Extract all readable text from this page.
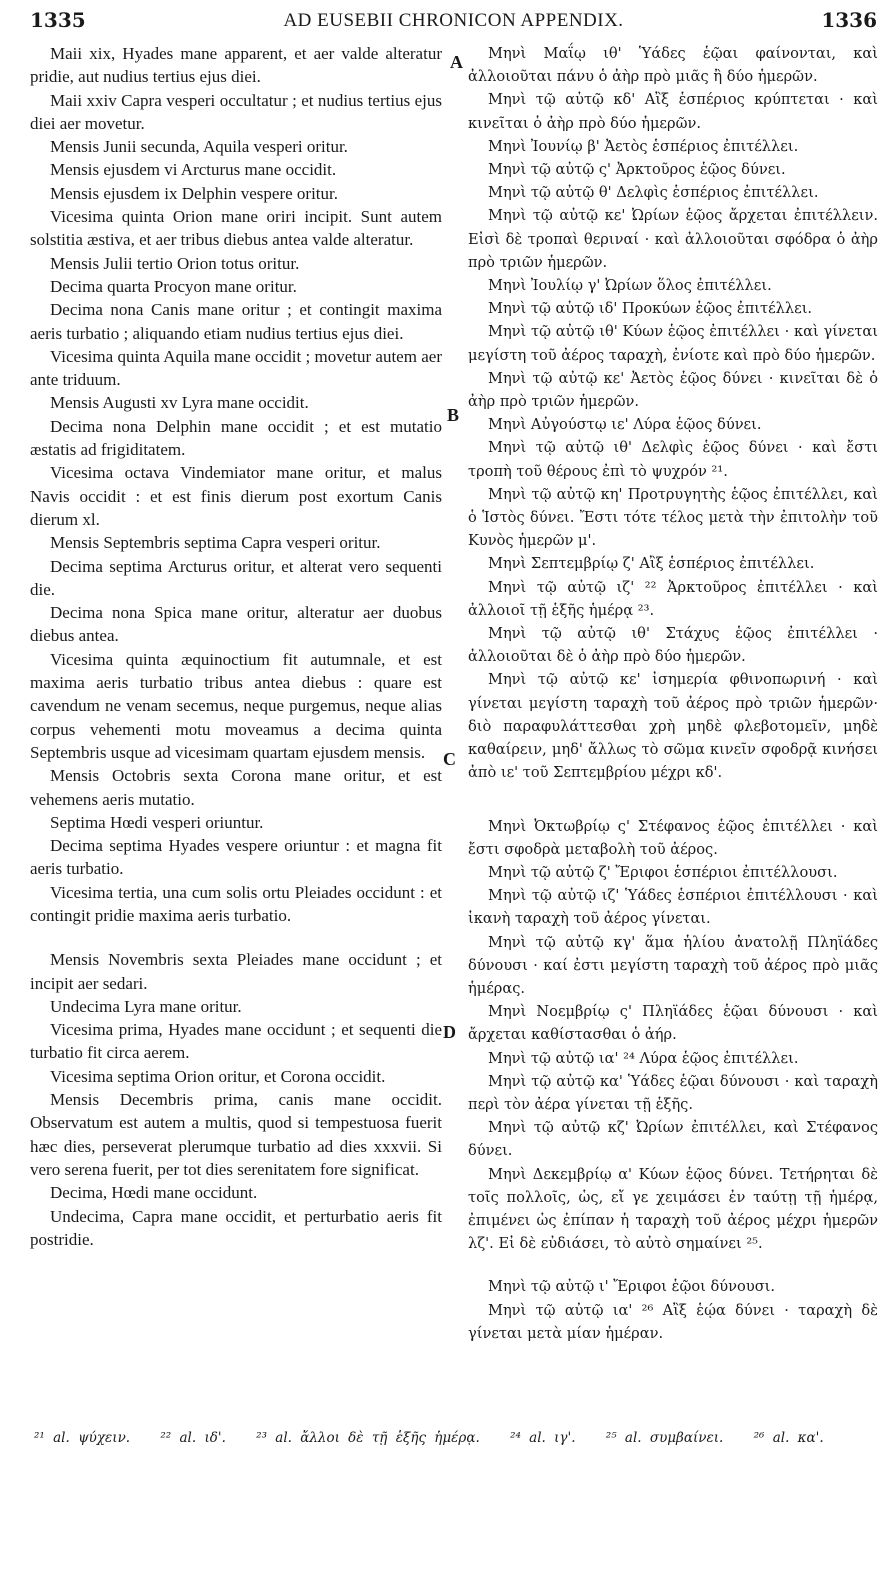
1335	AD EUSEBII CHRONICON APPENDIX.	1336
A
B
C
D

Maii xix, Hyades mane apparent, et aer valde alteratur pridie, aut nudius tertius ejus diei.

Maii xxiv Capra vesperi occultatur ; et nudius tertius ejus diei aer movetur.

Mensis Junii secunda, Aquila vesperi oritur.

Mensis ejusdem vi Arcturus mane occidit.

Mensis ejusdem ix Delphin vespere oritur.

Vicesima quinta Orion mane oriri incipit. Sunt autem solstitia æstiva, et aer tribus diebus antea valde alteratur.

Mensis Julii tertio Orion totus oritur.

Decima quarta Procyon mane oritur.

Decima nona Canis mane oritur ; et contingit maxima aeris turbatio ; aliquando etiam nudius tertius ejus diei.

Vicesima quinta Aquila mane occidit ; movetur autem aer ante triduum.

Mensis Augusti xv Lyra mane occidit.

Decima nona Delphin mane occidit ; et est mutatio æstatis ad frigiditatem.

Vicesima octava Vindemiator mane oritur, et malus Navis occidit : et est finis dierum post exortum Canis dierum xl.

Mensis Septembris septima Capra vesperi oritur.

Decima septima Arcturus oritur, et alterat vero sequenti die.

Decima nona Spica mane oritur, alteratur aer duobus diebus antea.

Vicesima quinta æquinoctium fit autumnale, et est maxima aeris turbatio tribus antea diebus : quare est cavendum ne venam secemus, neque purgemus, neque alias corpus vehementi motu moveamus a decima quinta Septembris usque ad vicesimam quartam ejusdem mensis.

Mensis Octobris sexta Corona mane oritur, et est vehemens aeris mutatio.

Septima Hœdi vesperi oriuntur.

Decima septima Hyades vespere oriuntur : et magna fit aeris turbatio.

Vicesima tertia, una cum solis ortu Pleiades occidunt : et contingit pridie maxima aeris turbatio.

Mensis Novembris sexta Pleiades mane occidunt ; et incipit aer sedari.

Undecima Lyra mane oritur.

Vicesima prima, Hyades mane occidunt ; et sequenti die turbatio fit circa aerem.

Vicesima septima Orion oritur, et Corona occidit.

Mensis Decembris prima, canis mane occidit. Observatum est autem a multis, quod si tempestuosa fuerit hæc dies, perseverat plerumque turbatio ad dies xxxvii. Si vero serena fuerit, per tot dies serenitatem fore significat.

Decima, Hœdi mane occidunt.

Undecima, Capra mane occidit, et perturbatio aeris fit postridie.

Μηνὶ Μαΐῳ ιθ' Ὑάδες ἑῷαι φαίνονται, καὶ ἀλλοιοῦται πάνυ ὁ ἀὴρ πρὸ μιᾶς ἢ δύο ἡμερῶν.

Μηνὶ τῷ αὐτῷ κδ' Αἲξ ἑσπέριος κρύπτεται · καὶ κινεῖται ὁ ἀὴρ πρὸ δύο ἡμερῶν.

Μηνὶ Ἰουνίῳ β' Ἀετὸς ἑσπέριος ἐπιτέλλει.

Μηνὶ τῷ αὐτῷ ς' Ἀρκτοῦρος ἑῷος δύνει.

Μηνὶ τῷ αὐτῷ θ' Δελφὶς ἑσπέριος ἐπιτέλλει.

Μηνὶ τῷ αὐτῷ κε' Ὠρίων ἑῷος ἄρχεται ἐπιτέλλειν. Εἰσὶ δὲ τροπαὶ θεριναί · καὶ ἀλλοιοῦται σφόδρα ὁ ἀὴρ πρὸ τριῶν ἡμερῶν.

Μηνὶ Ἰουλίῳ γ' Ὠρίων ὅλος ἐπιτέλλει.

Μηνὶ τῷ αὐτῷ ιδ' Προκύων ἑῷος ἐπιτέλλει.

Μηνὶ τῷ αὐτῷ ιθ' Κύων ἑῷος ἐπιτέλλει · καὶ γίνεται μεγίστη τοῦ ἀέρος ταραχὴ, ἐνίοτε καὶ πρὸ δύο ἡμερῶν.

Μηνὶ τῷ αὐτῷ κε' Ἀετὸς ἑῷος δύνει · κινεῖται δὲ ὁ ἀὴρ πρὸ τριῶν ἡμερῶν.

Μηνὶ Αὐγούστῳ ιε' Λύρα ἑῷος δύνει.

Μηνὶ τῷ αὐτῷ ιθ' Δελφὶς ἑῷος δύνει · καὶ ἔστι τροπὴ τοῦ θέρους ἐπὶ τὸ ψυχρόν ²¹.

Μηνὶ τῷ αὐτῷ κη' Προτρυγητὴς ἑῷος ἐπιτέλλει, καὶ ὁ Ἱστὸς δύνει. Ἔστι τότε τέλος μετὰ τὴν ἐπιτολὴν τοῦ Κυνὸς ἡμερῶν μ'.

Μηνὶ Σεπτεμβρίῳ ζ' Αἲξ ἑσπέριος ἐπιτέλλει.

Μηνὶ τῷ αὐτῷ ιζ' ²² Ἀρκτοῦρος ἐπιτέλλει · καὶ ἀλλοιοῖ τῇ ἑξῆς ἡμέρᾳ ²³.

Μηνὶ τῷ αὐτῷ ιθ' Στάχυς ἑῷος ἐπιτέλλει · ἀλλοιοῦται δὲ ὁ ἀὴρ πρὸ δύο ἡμερῶν.

Μηνὶ τῷ αὐτῷ κε' ἰσημερία φθινοπωρινή · καὶ γίνεται μεγίστη ταραχὴ τοῦ ἀέρος πρὸ τριῶν ἡμερῶν· διὸ παραφυλάττεσθαι χρὴ μηδὲ φλεβοτομεῖν, μηδὲ καθαίρειν, μηδ' ἄλλως τὸ σῶμα κινεῖν σφοδρᾷ κινήσει ἀπὸ ιε' τοῦ Σεπτεμβρίου μέχρι κδ'.

Μηνὶ Ὀκτωβρίῳ ς' Στέφανος ἑῷος ἐπιτέλλει · καὶ ἔστι σφοδρὰ μεταβολὴ τοῦ ἀέρος.

Μηνὶ τῷ αὐτῷ ζ' Ἔριφοι ἑσπέριοι ἐπιτέλλουσι.

Μηνὶ τῷ αὐτῷ ιζ' Ὑάδες ἑσπέριοι ἐπιτέλλουσι · καὶ ἱκανὴ ταραχὴ τοῦ ἀέρος γίνεται.

Μηνὶ τῷ αὐτῷ κγ' ἅμα ἡλίου ἀνατολῇ Πληϊάδες δύνουσι · καί ἐστι μεγίστη ταραχὴ τοῦ ἀέρος πρὸ μιᾶς ἡμέρας.

Μηνὶ Νοεμβρίῳ ς' Πληϊάδες ἑῷαι δύνουσι · καὶ ἄρχεται καθίστασθαι ὁ ἀήρ.

Μηνὶ τῷ αὐτῷ ια' ²⁴ Λύρα ἑῷος ἐπιτέλλει.

Μηνὶ τῷ αὐτῷ κα' Ὑάδες ἑῷαι δύνουσι · καὶ ταραχὴ περὶ τὸν ἀέρα γίνεται τῇ ἑξῆς.

Μηνὶ τῷ αὐτῷ κζ' Ὠρίων ἐπιτέλλει, καὶ Στέφανος δύνει.

Μηνὶ Δεκεμβρίῳ α' Κύων ἑῷος δύνει. Τετήρηται δὲ τοῖς πολλοῖς, ὡς, εἴ γε χειμάσει ἐν ταύτῃ τῇ ἡμέρᾳ, ἐπιμένει ὡς ἐπίπαν ἡ ταραχὴ τοῦ ἀέρος μέχρι ἡμερῶν λζ'. Εἰ δὲ εὐδιάσει, τὸ αὐτὸ σημαίνει ²⁵.

Μηνὶ τῷ αὐτῷ ι' Ἔριφοι ἑῷοι δύνουσι.

Μηνὶ τῷ αὐτῷ ια' ²⁶ Αἲξ ἑῴα δύνει · ταραχὴ δὲ γίνεται μετὰ μίαν ἡμέραν.

²¹ al. ψύχειν. ²² al. ιδ'. ²³ al. ἄλλοι δὲ τῇ ἑξῆς ἡμέρᾳ. ²⁴ al. ιγ'. ²⁵ al. συμβαίνει. ²⁶ al. κα'.
